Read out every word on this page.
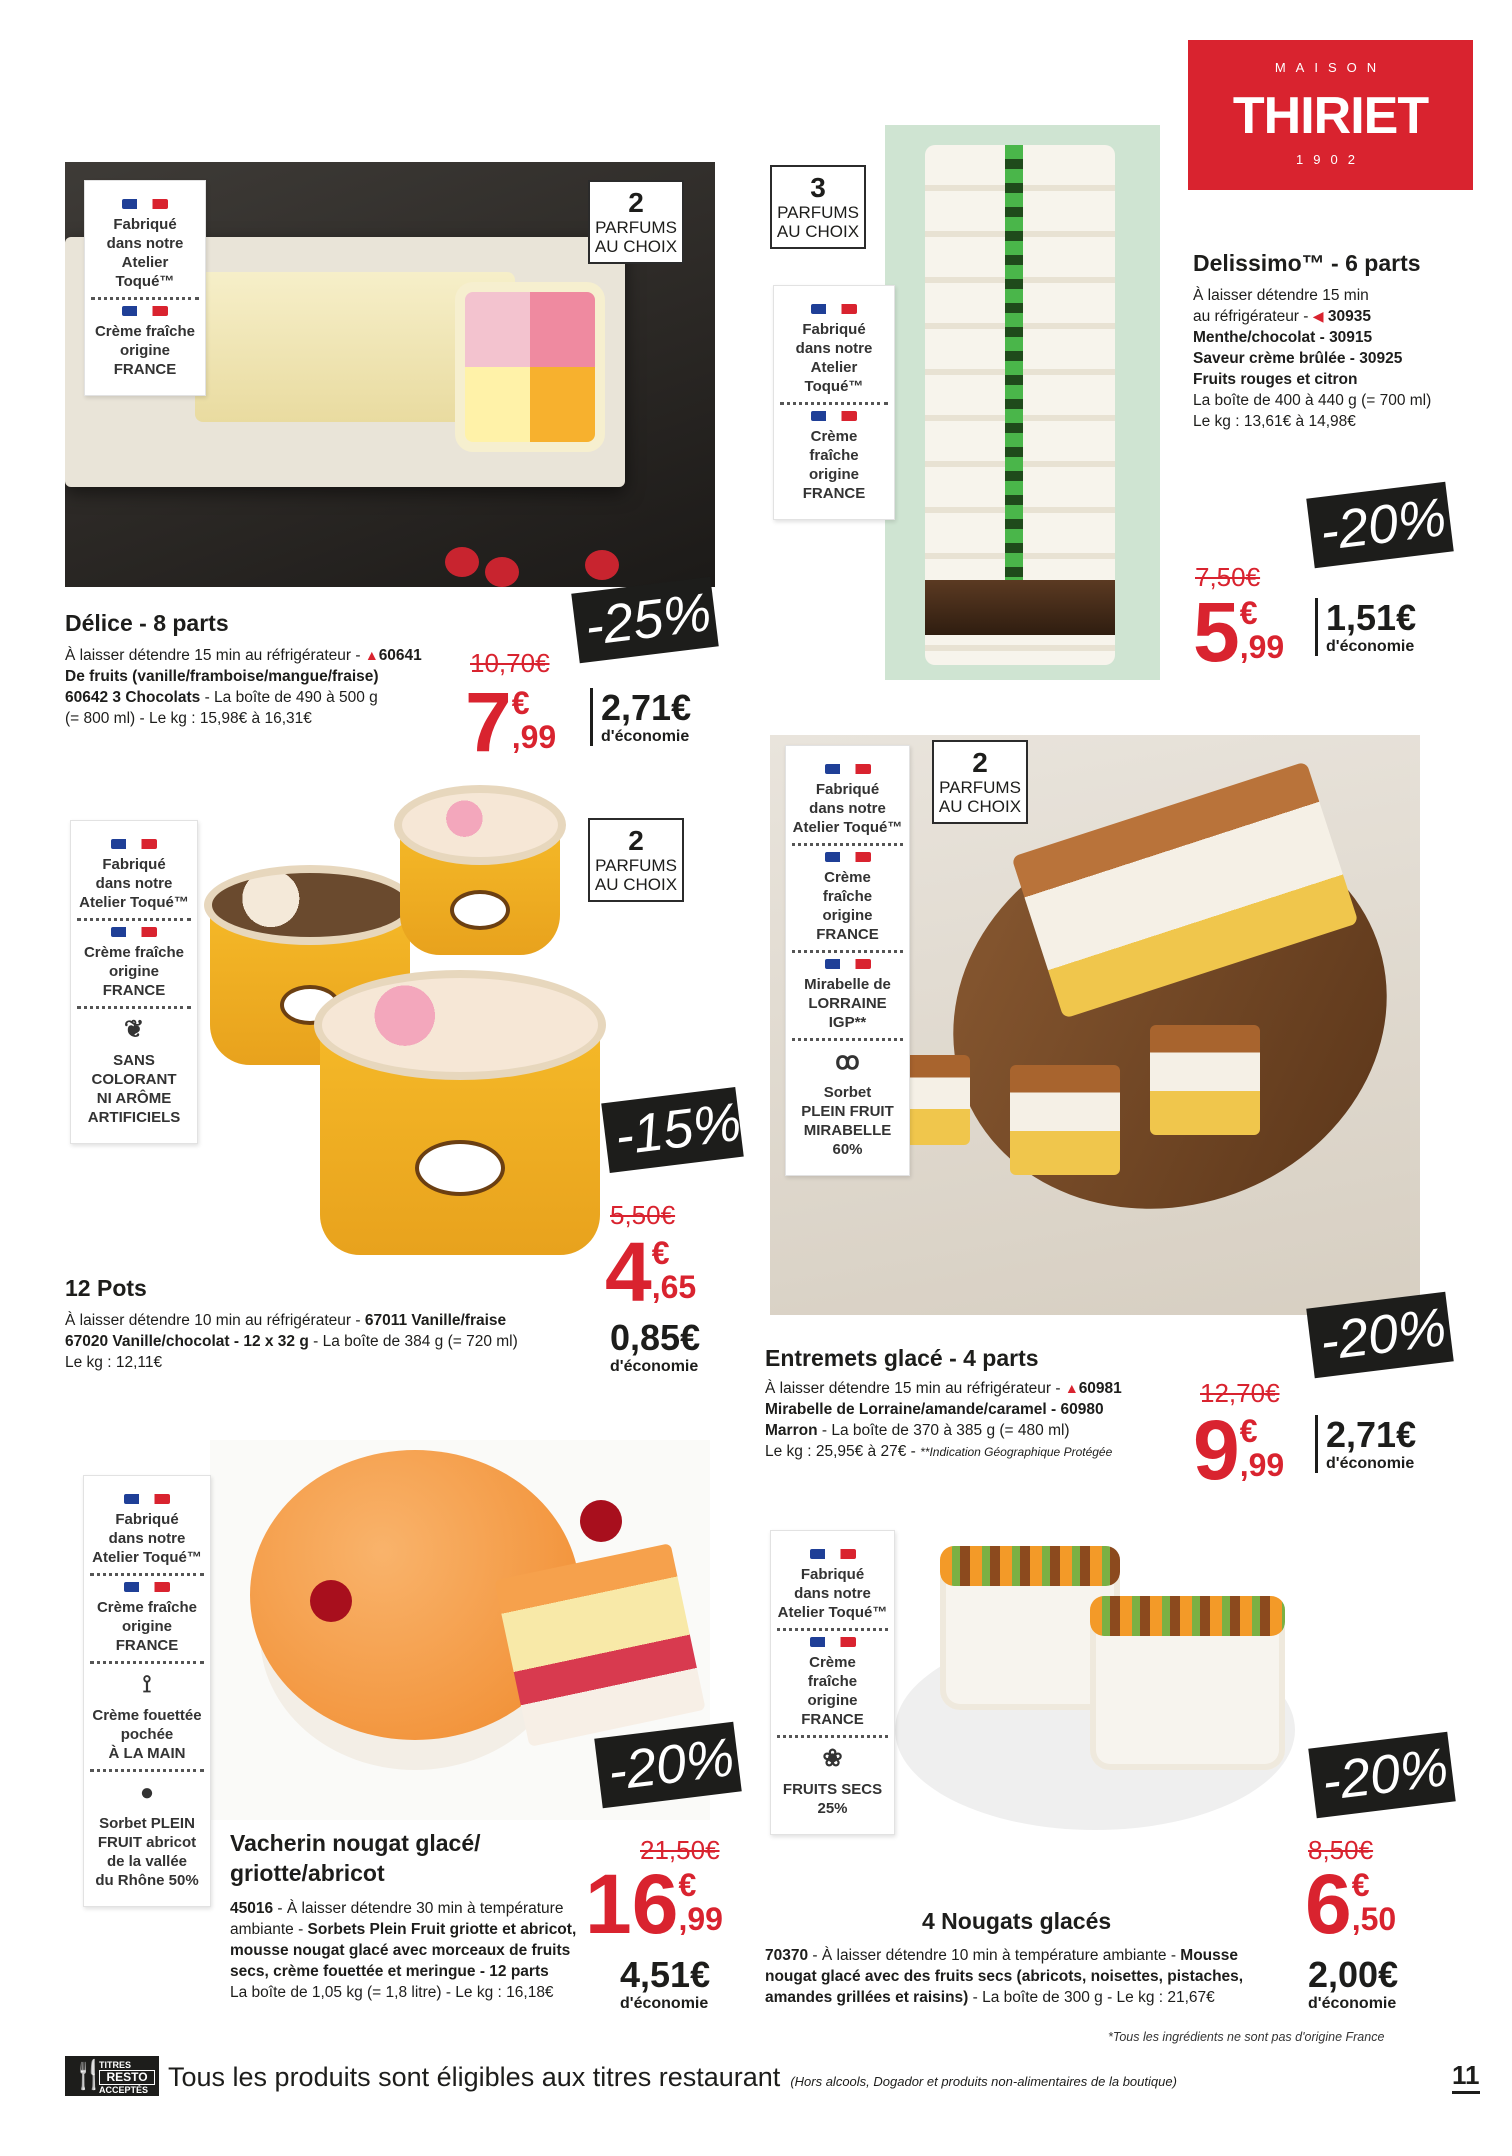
MAISON
THIRIET
1902
2
PARFUMS
AU CHOIX
Fabriqué
dans notre
Atelier Toqué™
Crème fraîche
origine
FRANCE
Délice - 8 parts
À laisser détendre 15 min au réfrigérateur - ▲60641
De fruits (vanille/framboise/mangue/fraise)
60642 3 Chocolats - La boîte de 490 à 500 g
(= 800 ml) - Le kg : 15,98€ à 16,31€
-25%
10,70€
7 €
,99
2,71€
d'économie
3
PARFUMS
AU CHOIX
Fabriqué
dans notre
Atelier Toqué™
Crème
fraîche
origine FRANCE
Delissimo™ - 6 parts
À laisser détendre 15 min
au réfrigérateur - ◀ 30935
Menthe/chocolat - 30915
Saveur crème brûlée - 30925
Fruits rouges et citron
La boîte de 400 à 440 g (= 700 ml)
Le kg : 13,61€ à 14,98€
-20%
7,50€
5 €
,99
1,51€
d'économie
2
PARFUMS
AU CHOIX
Fabriqué
dans notre
Atelier Toqué™
Crème fraîche
origine FRANCE
❦
SANS COLORANT
NI ARÔME
ARTIFICIELS
12 Pots
À laisser détendre 10 min au réfrigérateur - 67011 Vanille/fraise
67020 Vanille/chocolat - 12 x 32 g - La boîte de 384 g (= 720 ml)
Le kg : 12,11€
-15%
5,50€
4 €
,65
0,85€
d'économie
2
PARFUMS
AU CHOIX
Fabriqué
dans notre
Atelier Toqué™
Crème
fraîche
origine
FRANCE
Mirabelle de
LORRAINE IGP**
ꝏ
Sorbet
PLEIN FRUIT
MIRABELLE 60%
Entremets glacé - 4 parts
À laisser détendre 15 min au réfrigérateur - ▲60981
Mirabelle de Lorraine/amande/caramel - 60980
Marron - La boîte de 370 à 385 g (= 480 ml)
Le kg : 25,95€ à 27€ - **Indication Géographique Protégée
-20%
12,70€
9 €
,99
2,71€
d'économie
Fabriqué
dans notre
Atelier Toqué™
Crème fraîche
origine FRANCE
⟟
Crème fouettée
pochée
À LA MAIN
●
Sorbet PLEIN
FRUIT abricot
de la vallée
du Rhône 50%
Vacherin nougat glacé/
griotte/abricot
45016 - À laisser détendre 30 min à température
ambiante - Sorbets Plein Fruit griotte et abricot,
mousse nougat glacé avec morceaux de fruits
secs, crème fouettée et meringue - 12 parts
La boîte de 1,05 kg (= 1,8 litre) - Le kg : 16,18€
-20%
21,50€
16 €
,99
4,51€
d'économie
Fabriqué
dans notre
Atelier Toqué™
Crème
fraîche
origine
FRANCE
❀
FRUITS SECS
25%
4 Nougats glacés
70370 - À laisser détendre 10 min à température ambiante - Mousse
nougat glacé avec des fruits secs (abricots, noisettes, pistaches,
amandes grillées et raisins) - La boîte de 300 g - Le kg : 21,67€
-20%
8,50€
6 €
,50
2,00€
d'économie
*Tous les ingrédients ne sont pas d'origine France
🍴
TITRES
RESTO
ACCEPTÉS Tous les produits sont éligibles aux titres restaurant (Hors alcools, Dogador et produits non-alimentaires de la boutique)	11
